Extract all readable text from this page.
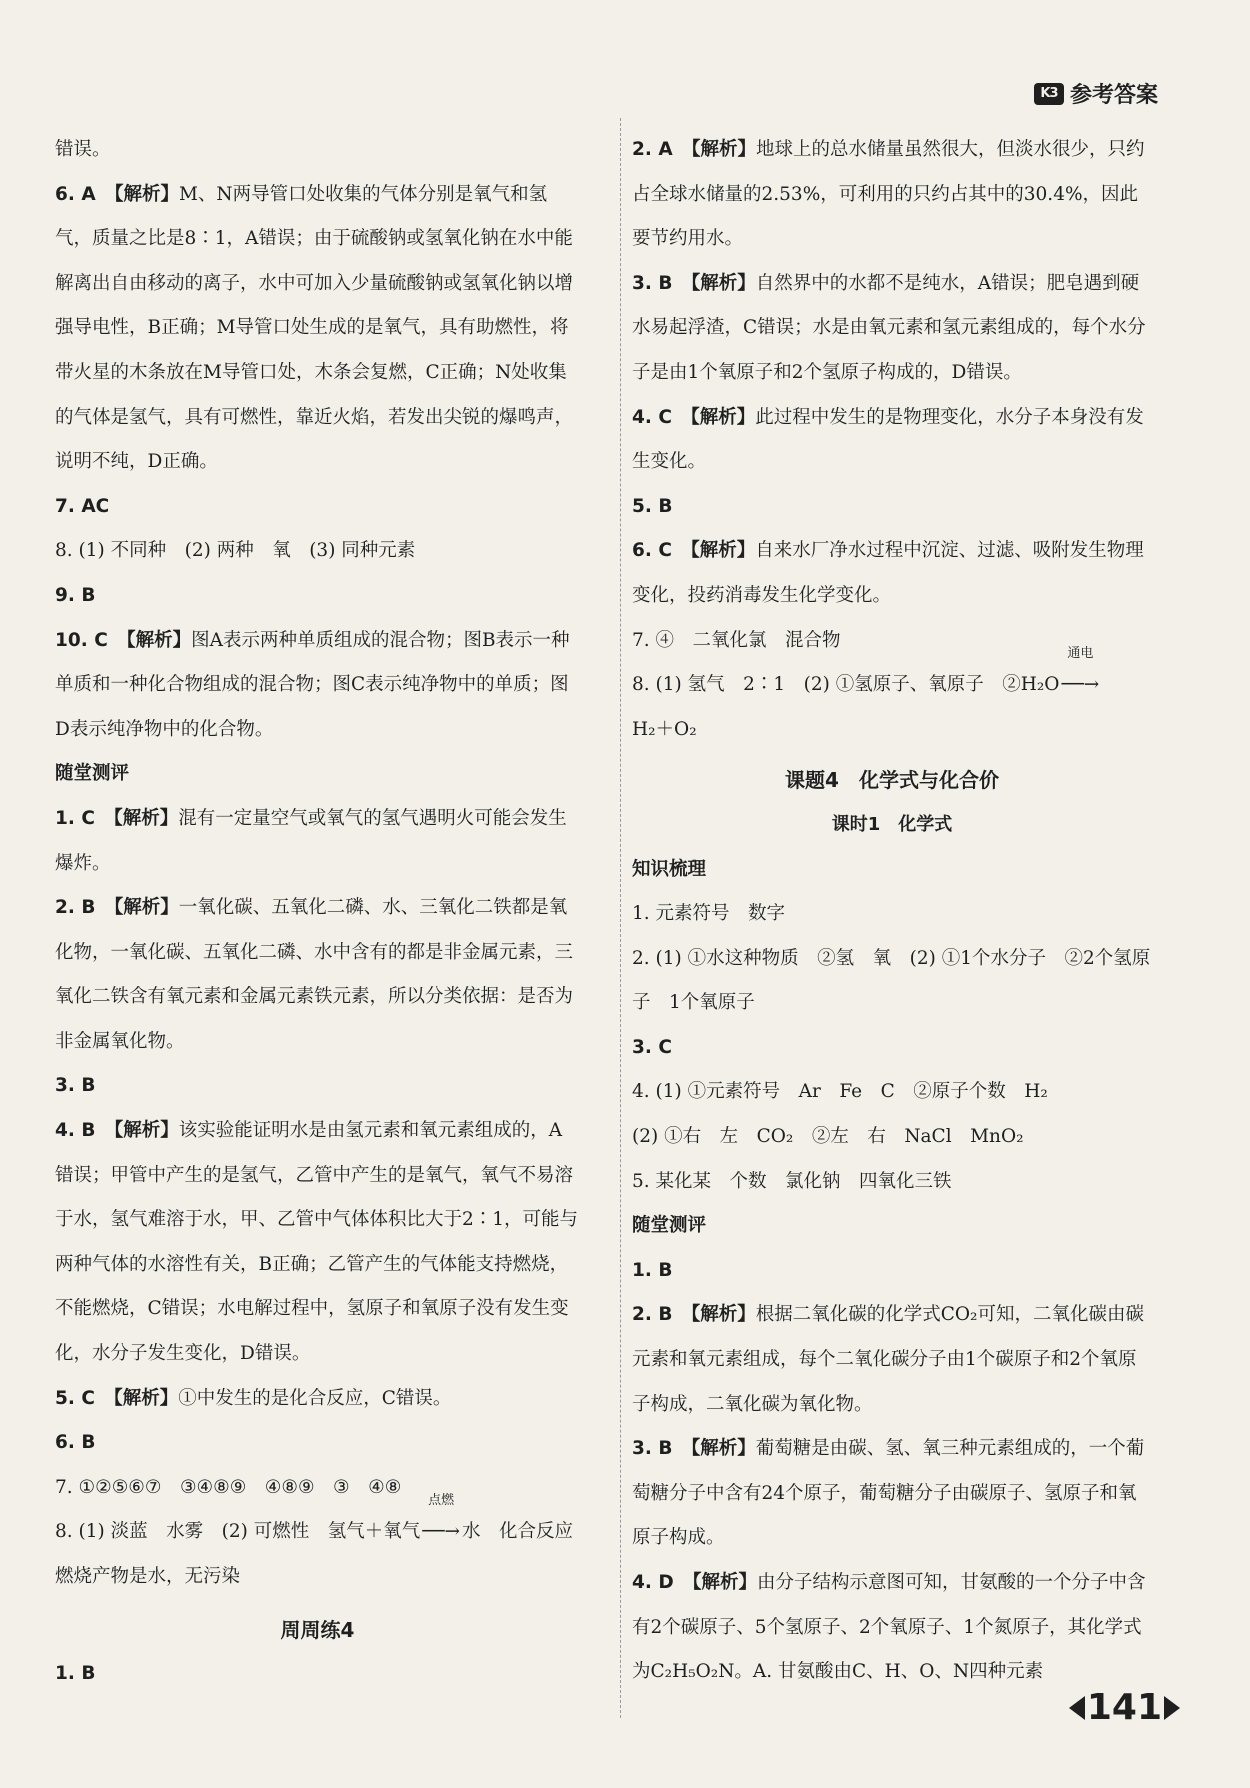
K3 参考答案

错误。

6. A　 【解析】M、N两导管口处收集的气体分别是氧气和氢气，质量之比是8∶1，A错误；由于硫酸钠或氢氧化钠在水中能解离出自由移动的离子，水中可加入少量硫酸钠或氢氧化钠以增强导电性，B正确；M导管口处生成的是氧气，具有助燃性，将带火星的木条放在M导管口处，木条会复燃，C正确；N处收集的气体是氢气，具有可燃性，靠近火焰，若发出尖锐的爆鸣声，说明不纯，D正确。

7. AC

8. (1) 不同种　(2) 两种　氧　(3) 同种元素

9. B

10. C　 【解析】图A表示两种单质组成的混合物；图B表示一种单质和一种化合物组成的混合物；图C表示纯净物中的单质；图D表示纯净物中的化合物。

随堂测评

1. C　 【解析】混有一定量空气或氧气的氢气遇明火可能会发生爆炸。

2. B　 【解析】一氧化碳、五氧化二磷、水、三氧化二铁都是氧化物，一氧化碳、五氧化二磷、水中含有的都是非金属元素，三氧化二铁含有氧元素和金属元素铁元素，所以分类依据：是否为非金属氧化物。

3. B

4. B　 【解析】该实验能证明水是由氢元素和氧元素组成的，A错误；甲管中产生的是氢气，乙管中产生的是氧气，氧气不易溶于水，氢气难溶于水，甲、乙管中气体体积比大于2∶1，可能与两种气体的水溶性有关，B正确；乙管产生的气体能支持燃烧，不能燃烧，C错误；水电解过程中，氢原子和氧原子没有发生变化，水分子发生变化，D错误。

5. C　 【解析】①中发生的是化合反应，C错误。

6. B

7. ①②⑤⑥⑦　③④⑧⑨　④⑧⑨　③　④⑧

8. (1) 淡蓝　水雾　(2) 可燃性　氢气＋氧气
点燃
──→ 水　化合反应　燃烧产物是水，无污染

周周练4

1. B

2. A　 【解析】地球上的总水储量虽然很大，但淡水很少，只约占全球水储量的2.53%，可利用的只约占其中的30.4%，因此要节约用水。

3. B　 【解析】自然界中的水都不是纯水，A错误；肥皂遇到硬水易起浮渣，C错误；水是由氧元素和氢元素组成的，每个水分子是由1个氧原子和2个氢原子构成的，D错误。

4. C　 【解析】此过程中发生的是物理变化，水分子本身没有发生变化。

5. B

6. C　 【解析】自来水厂净水过程中沉淀、过滤、吸附发生物理变化，投药消毒发生化学变化。

7. ④　二氧化氯　混合物

8. (1) 氢气　2∶1　(2) ①氢原子、氧原子　②H₂O
通电
──→
H₂＋O₂

课题4　化学式与化合价

课时1　化学式

知识梳理

1. 元素符号　数字

2. (1) ①水这种物质　②氢　氧　(2) ①1个水分子　②2个氢原子　1个氧原子

3. C

4. (1) ①元素符号　Ar　Fe　C　②原子个数　H₂

(2) ①右　左　CO₂　②左　右　NaCl　MnO₂

5. 某化某　个数　氯化钠　四氧化三铁

随堂测评

1. B

2. B　 【解析】根据二氧化碳的化学式CO₂可知，二氧化碳由碳元素和氧元素组成，每个二氧化碳分子由1个碳原子和2个氧原子构成，二氧化碳为氧化物。

3. B　 【解析】葡萄糖是由碳、氢、氧三种元素组成的，一个葡萄糖分子中含有24个原子，葡萄糖分子由碳原子、氢原子和氧原子构成。

4. D　 【解析】由分子结构示意图可知，甘氨酸的一个分子中含有2个碳原子、5个氢原子、2个氧原子、1个氮原子，其化学式为C₂H₅O₂N。A. 甘氨酸由C、H、O、N四种元素

141
